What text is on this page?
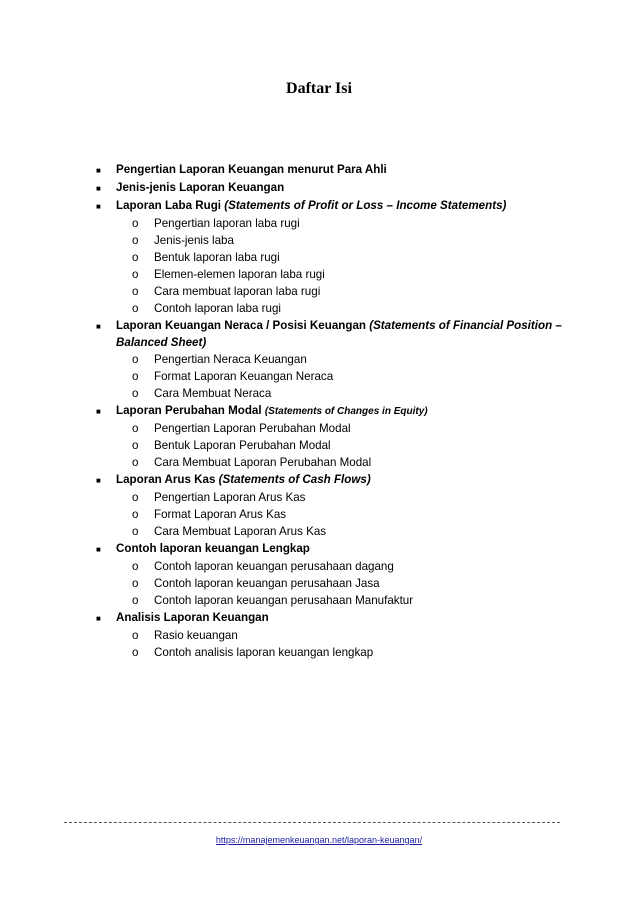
Daftar Isi
■	Pengertian Laporan Keuangan menurut Para Ahli
■	Jenis-jenis Laporan Keuangan
■	Laporan Laba Rugi (Statements of Profit or Loss – Income Statements)
o	Pengertian laporan laba rugi
o	Jenis-jenis laba
o	Bentuk laporan laba rugi
o	Elemen-elemen laporan laba rugi
o	Cara membuat laporan laba rugi
o	Contoh laporan laba rugi
■	Laporan Keuangan Neraca / Posisi Keuangan (Statements of Financial Position – Balanced Sheet)
o	Pengertian Neraca Keuangan
o	Format Laporan Keuangan Neraca
o	Cara Membuat Neraca
■	Laporan Perubahan Modal (Statements of Changes in Equity)
o	Pengertian Laporan Perubahan Modal
o	Bentuk Laporan Perubahan Modal
o	Cara Membuat Laporan Perubahan Modal
■	Laporan Arus Kas (Statements of Cash Flows)
o	Pengertian Laporan Arus Kas
o	Format Laporan Arus Kas
o	Cara Membuat Laporan Arus Kas
■	Contoh laporan keuangan Lengkap
o	Contoh laporan keuangan perusahaan dagang
o	Contoh laporan keuangan perusahaan Jasa
o	Contoh laporan keuangan perusahaan Manufaktur
■	Analisis Laporan Keuangan
o	Rasio keuangan
o	Contoh analisis laporan keuangan lengkap
https://manajemenkeuangan.net/laporan-keuangan/
